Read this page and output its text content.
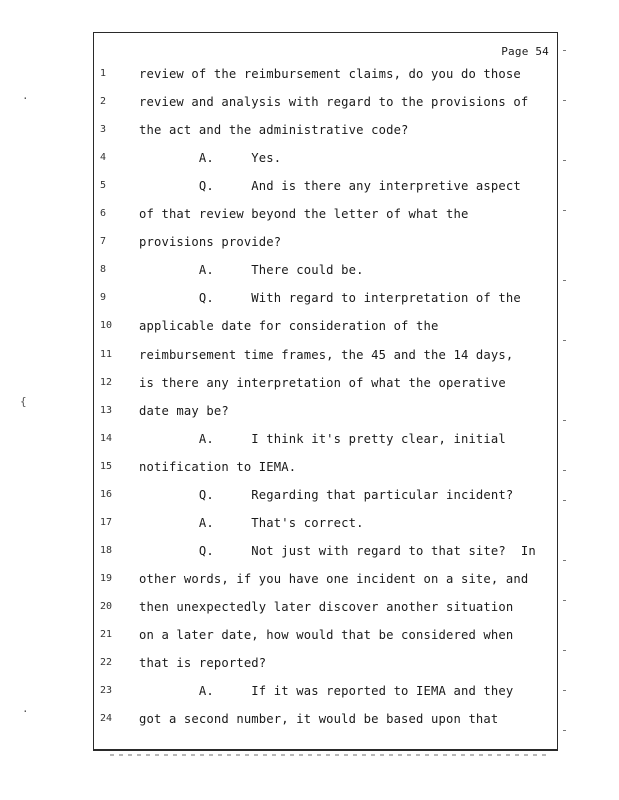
Page 54
1	review of the reimbursement claims, do you do those
2	review and analysis with regard to the provisions of
3	the act and the administrative code?
4	A.     Yes.
5	Q.     And is there any interpretive aspect
6	of that review beyond the letter of what the
7	provisions provide?
8	A.     There could be.
9	Q.     With regard to interpretation of the
10	applicable date for consideration of the
11	reimbursement time frames, the 45 and the 14 days,
12	is there any interpretation of what the operative
13	date may be?
14	A.     I think it's pretty clear, initial
15	notification to IEMA.
16	Q.     Regarding that particular incident?
17	A.     That's correct.
18	Q.     Not just with regard to that site?  In
19	other words, if you have one incident on a site, and
20	then unexpectedly later discover another situation
21	on a later date, how would that be considered when
22	that is reported?
23	A.     If it was reported to IEMA and they
24	got a second number, it would be based upon that
·
{
·
